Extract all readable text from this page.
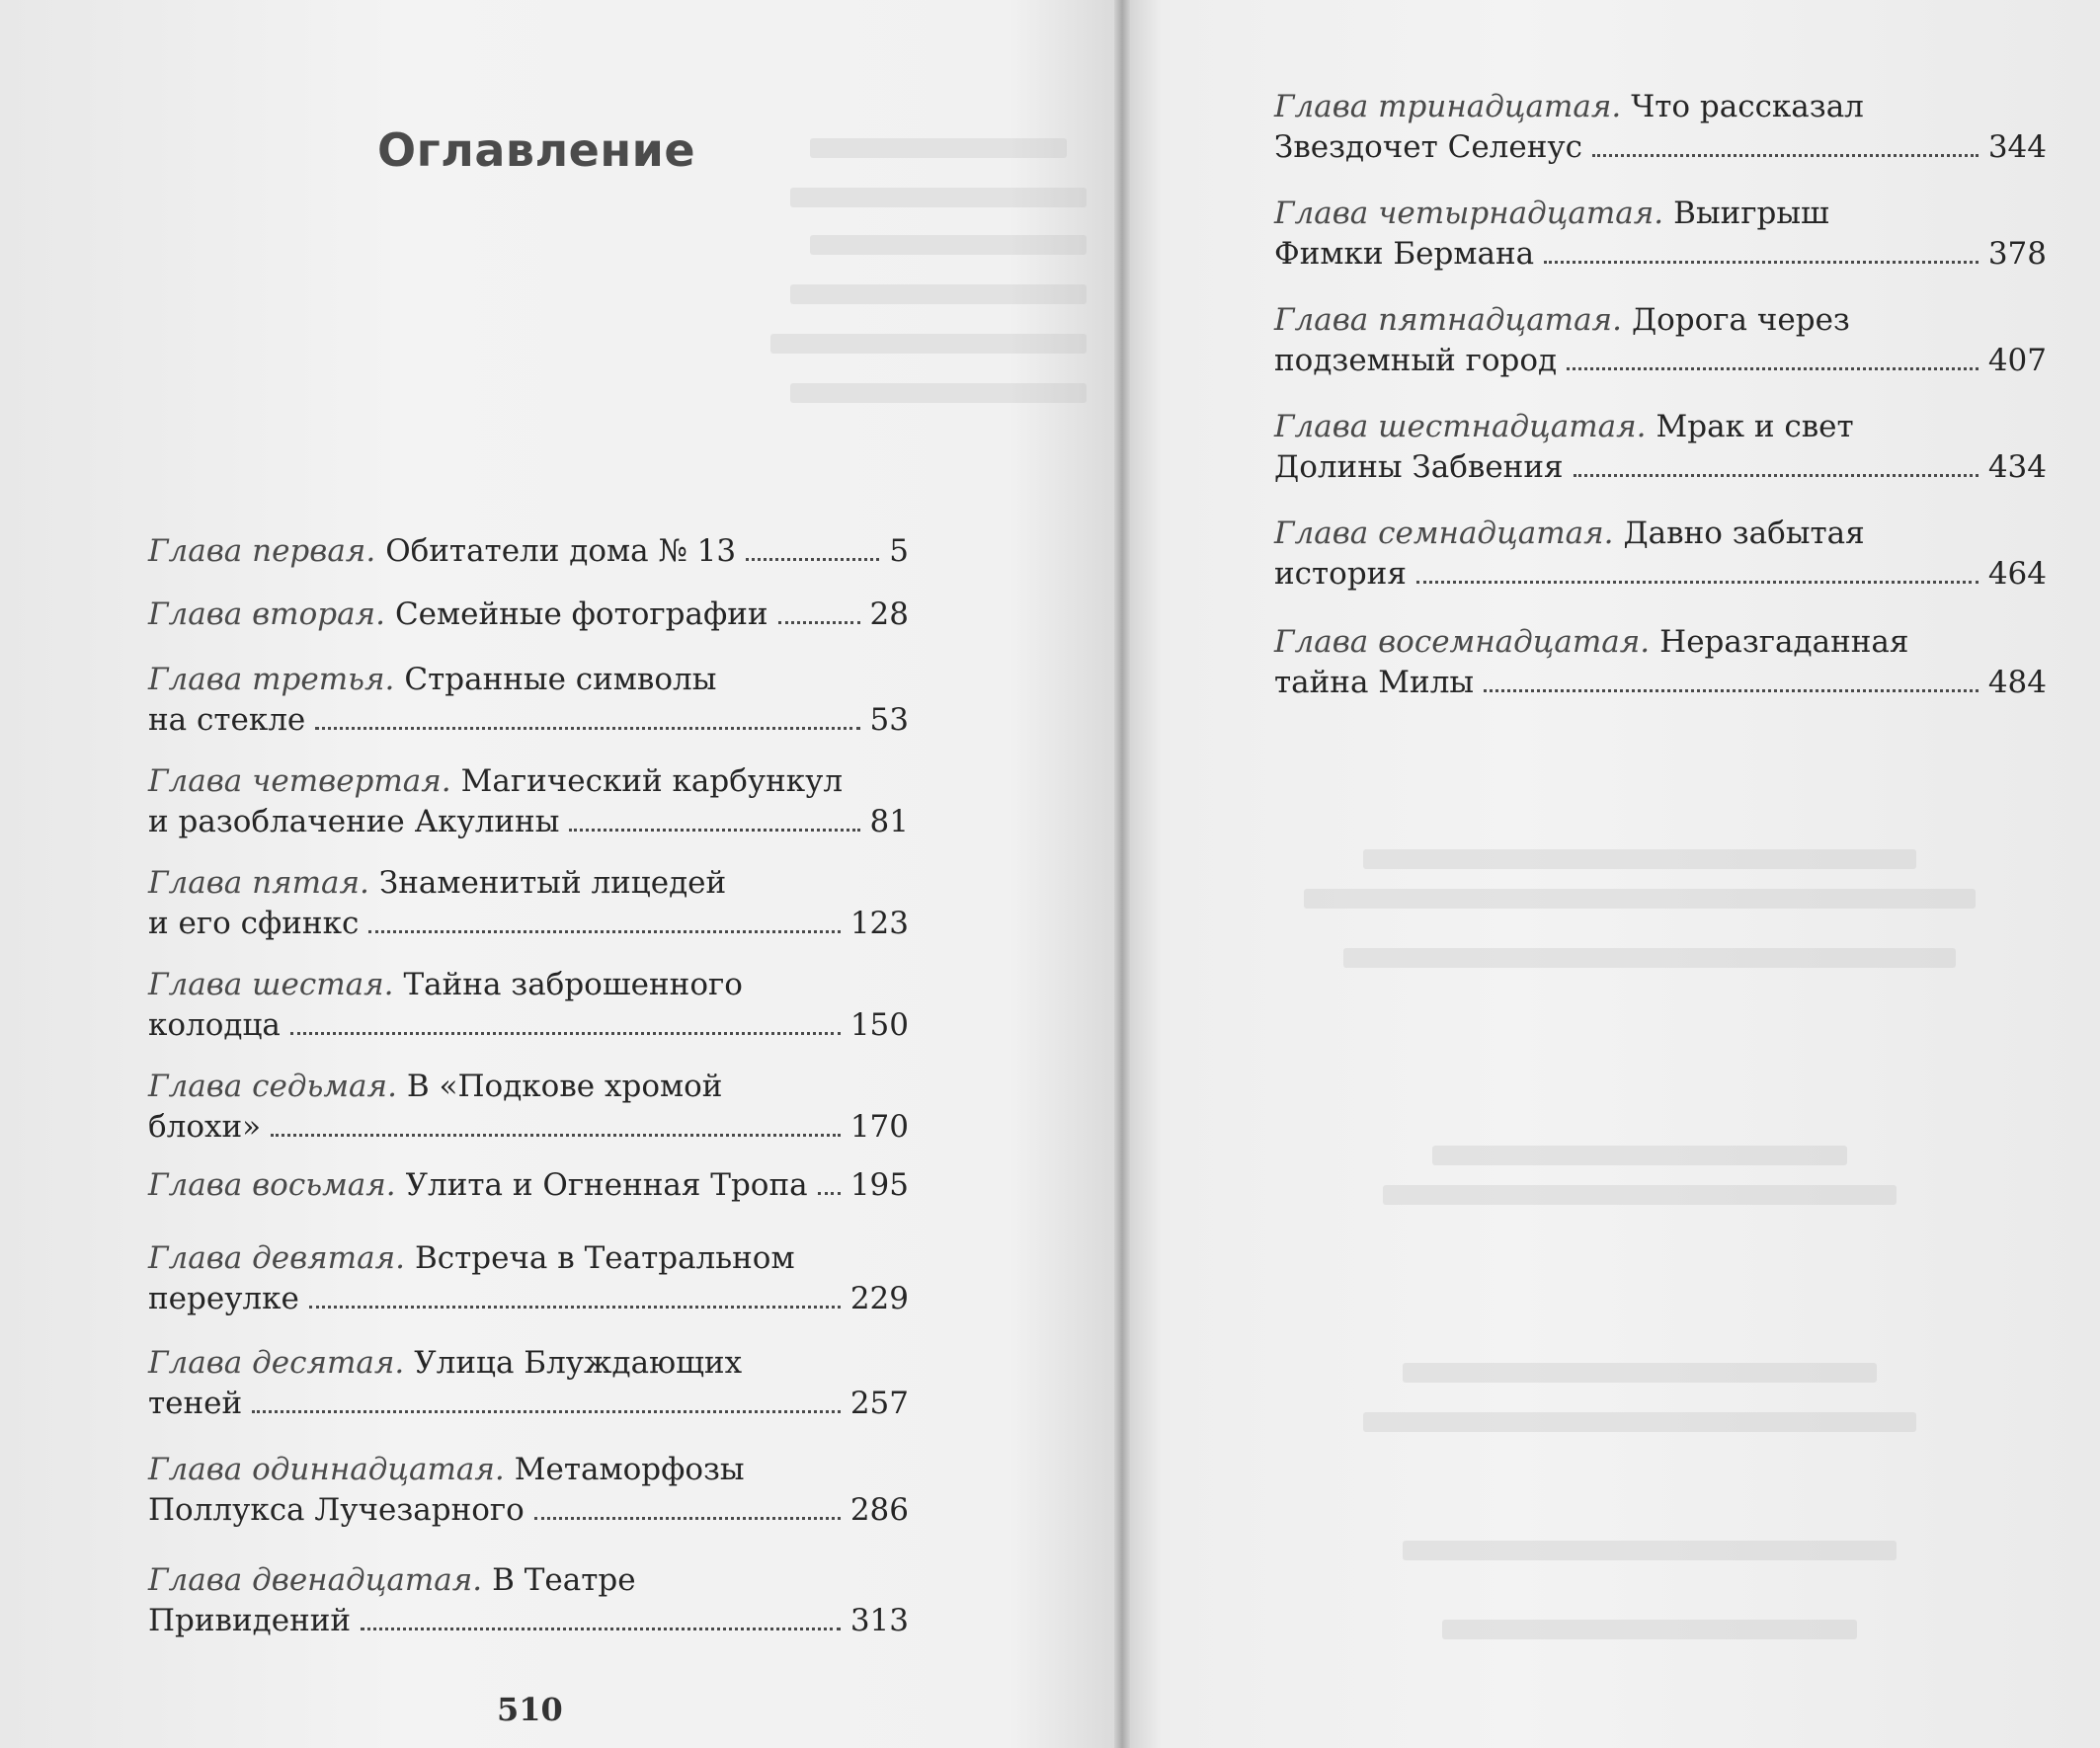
Оглавление
Глава первая. Обитатели дома № 13	5
Глава вторая. Семейные фотографии	28
Глава третья. Странные символы
на стекле	53
Глава четвертая. Магический карбункул
и разоблачение Акулины	81
Глава пятая. Знаменитый лицедей
и его сфинкс	123
Глава шестая. Тайна заброшенного
колодца	150
Глава седьмая. В «Подкове хромой
блохи»	170
Глава восьмая. Улита и Огненная Тропа 195
Глава девятая. Встреча в Театральном
переулке	229
Глава десятая. Улица Блуждающих
теней	257
Глава одиннадцатая. Метаморфозы
Поллукса Лучезарного	286
Глава двенадцатая. В Театре
Привидений	313
Глава тринадцатая. Что рассказал
Звездочет Селенус	344
Глава четырнадцатая. Выигрыш
Фимки Бермана	378
Глава пятнадцатая. Дорога через
подземный город	407
Глава шестнадцатая. Мрак и свет
Долины Забвения	434
Глава семнадцатая. Давно забытая
история	464
Глава восемнадцатая. Неразгаданная
тайна Милы	484
510
